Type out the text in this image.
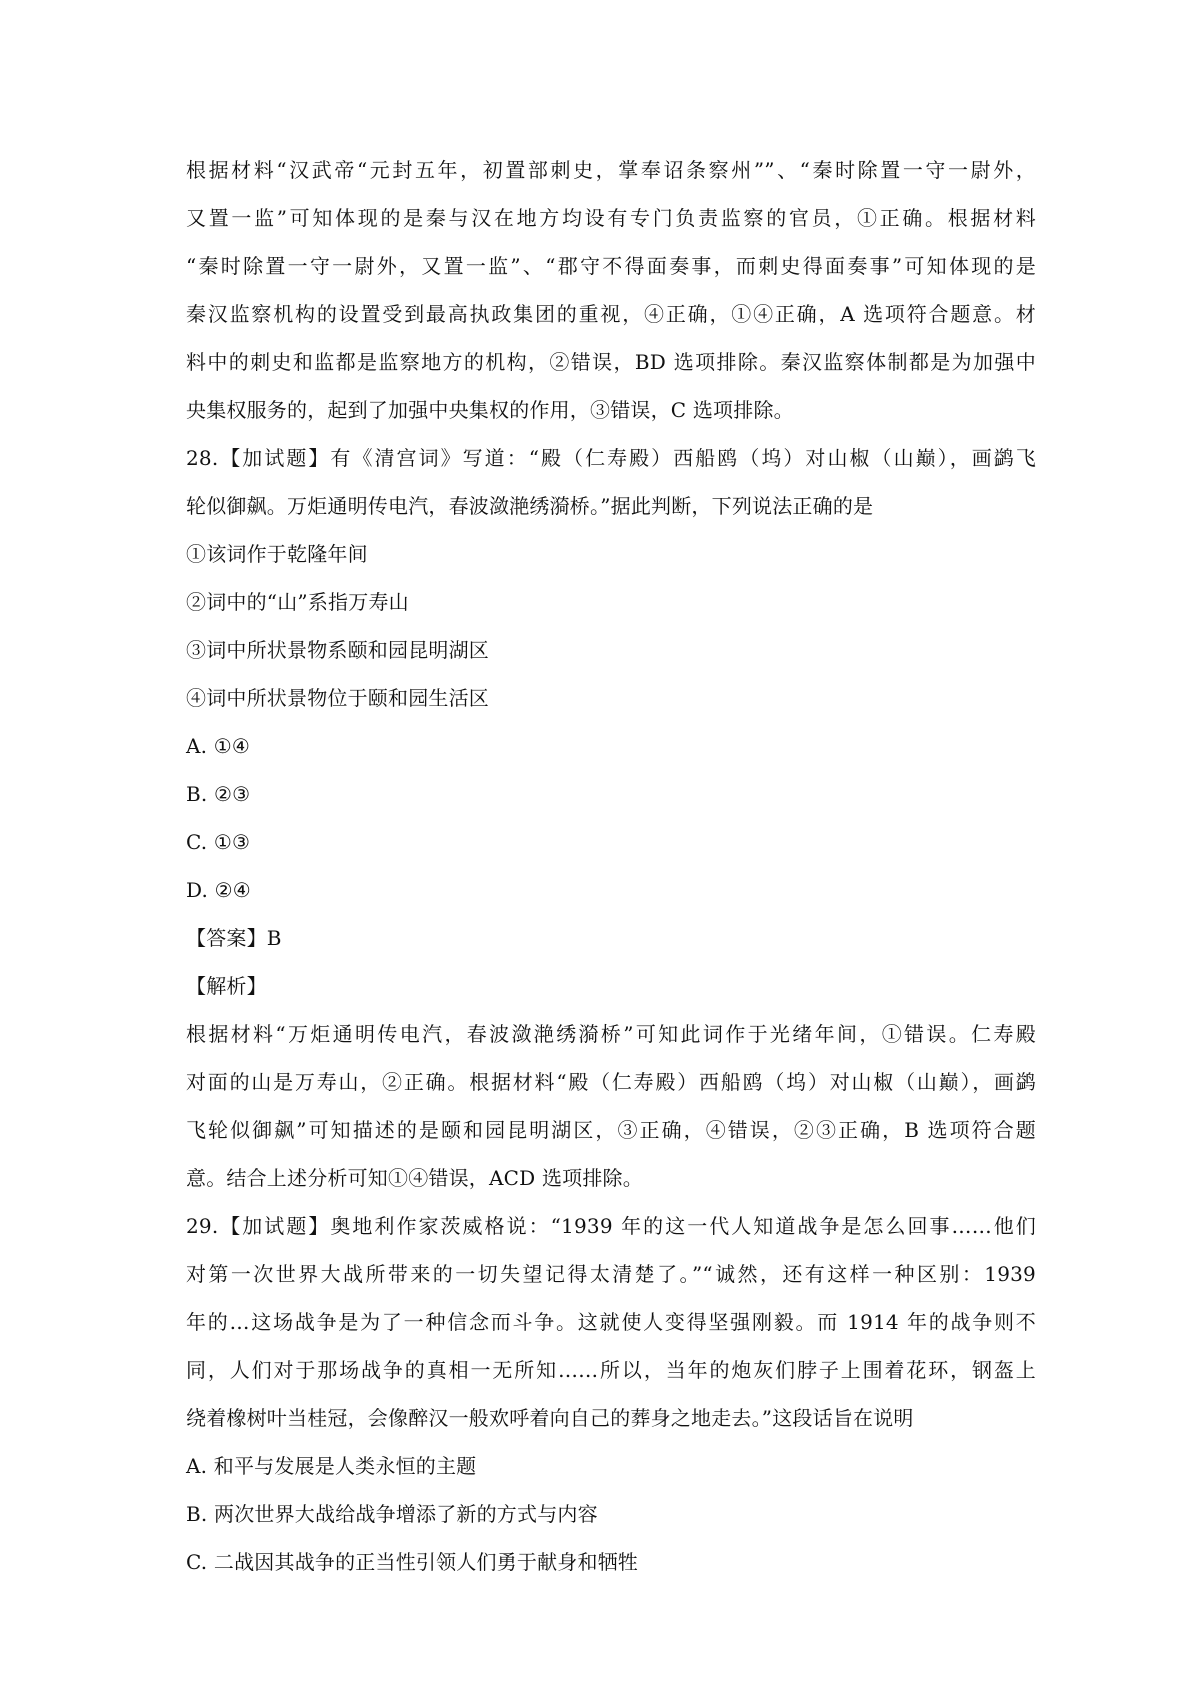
根据材料“汉武帝“元封五年，初置部刺史，掌奉诏条察州””、“秦时除置一守一尉外，
又置一监”可知体现的是秦与汉在地方均设有专门负责监察的官员，①正确。根据材料
“秦时除置一守一尉外，又置一监”、“郡守不得面奏事，而刺史得面奏事”可知体现的是
秦汉监察机构的设置受到最高执政集团的重视，④正确，①④正确，A 选项符合题意。材
料中的刺史和监都是监察地方的机构，②错误，BD 选项排除。秦汉监察体制都是为加强中
央集权服务的，起到了加强中央集权的作用，③错误，C 选项排除。
28.【加试题】有《清宫词》写道：“殿（仁寿殿）西船鸥（坞）对山椒（山巅），画鹢飞
轮似御飙。万炬通明传电汽，春波潋滟绣漪桥。”据此判断，下列说法正确的是
①该词作于乾隆年间
②词中的“山”系指万寿山
③词中所状景物系颐和园昆明湖区
④词中所状景物位于颐和园生活区
A. ①④
B. ②③
C. ①③
D. ②④
【答案】B
【解析】
根据材料“万炬通明传电汽，春波潋滟绣漪桥”可知此词作于光绪年间，①错误。仁寿殿
对面的山是万寿山，②正确。根据材料“殿（仁寿殿）西船鸥（坞）对山椒（山巅），画鹢
飞轮似御飙”可知描述的是颐和园昆明湖区，③正确，④错误，②③正确，B 选项符合题
意。结合上述分析可知①④错误，ACD 选项排除。
29.【加试题】奥地利作家茨威格说：“1939 年的这一代人知道战争是怎么回事……他们
对第一次世界大战所带来的一切失望记得太清楚了。”“诚然，还有这样一种区别：1939
年的…这场战争是为了一种信念而斗争。这就使人变得坚强刚毅。而 1914 年的战争则不
同，人们对于那场战争的真相一无所知……所以，当年的炮灰们脖子上围着花环，钢盔上
绕着橡树叶当桂冠，会像醉汉一般欢呼着向自己的葬身之地走去。”这段话旨在说明
A. 和平与发展是人类永恒的主题
B. 两次世界大战给战争增添了新的方式与内容
C. 二战因其战争的正当性引领人们勇于献身和牺牲
